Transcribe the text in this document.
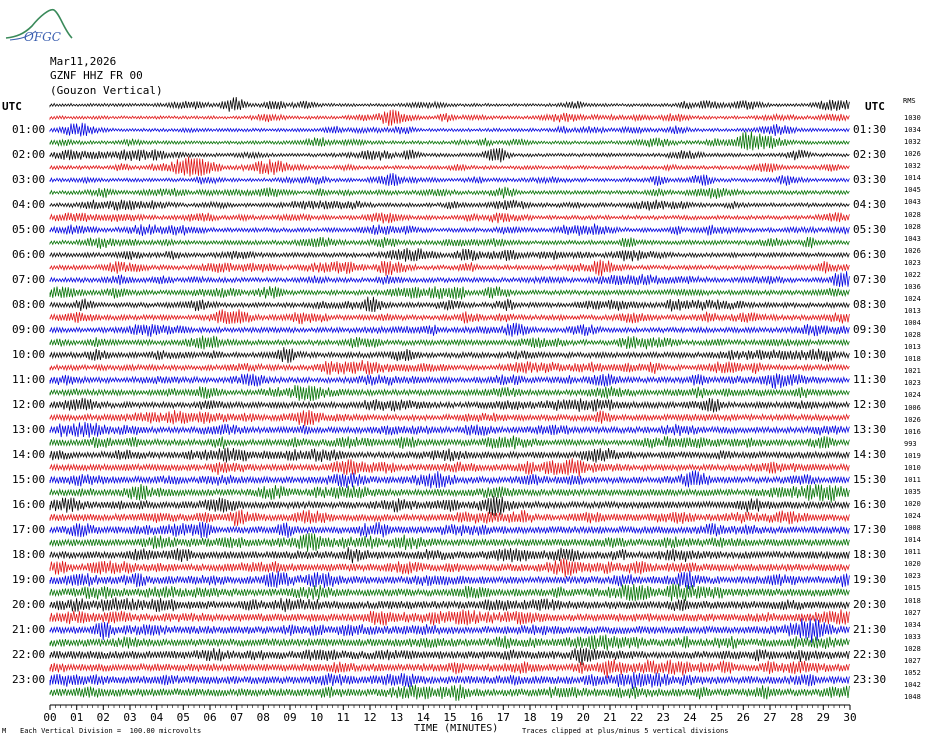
00 01 02 03 04 05 06 07 08 09 10 11 12 13 14 15 16 17 18 19 20 21 22 23 24 25 26 27 28 29 30
OFGC
Mar11,2026
GZNF HHZ FR 00
(Gouzon Vertical)
UTC	UTC	RMS
01:00
02:00
03:00
04:00
05:00
06:00
07:00
08:00
09:00
10:00
11:00
12:00
13:00
14:00
15:00
16:00
17:00
18:00
19:00
20:00
21:00
22:00
23:00
01:30
02:30
03:30
04:30
05:30
06:30
07:30
08:30
09:30
10:30
11:30
12:30
13:30
14:30
15:30
16:30
17:30
18:30
19:30
20:30
21:30
22:30
23:30
1030
1034
1032
1026
1032
1014
1045
1043
1028
1028
1043
1026
1023
1022
1036
1024
1013
1004
1028
1013
1018
1021
1023
1024
1006
1026
1016
993
1019
1010
1011
1035
1020
1024
1008
1014
1011
1020
1023
1015
1018
1027
1034
1033
1028
1027
1052
1042
1048
M Each Vertical Division =  100.00 microvolts	TIME (MINUTES)	Traces clipped at plus/minus 5 vertical divisions
